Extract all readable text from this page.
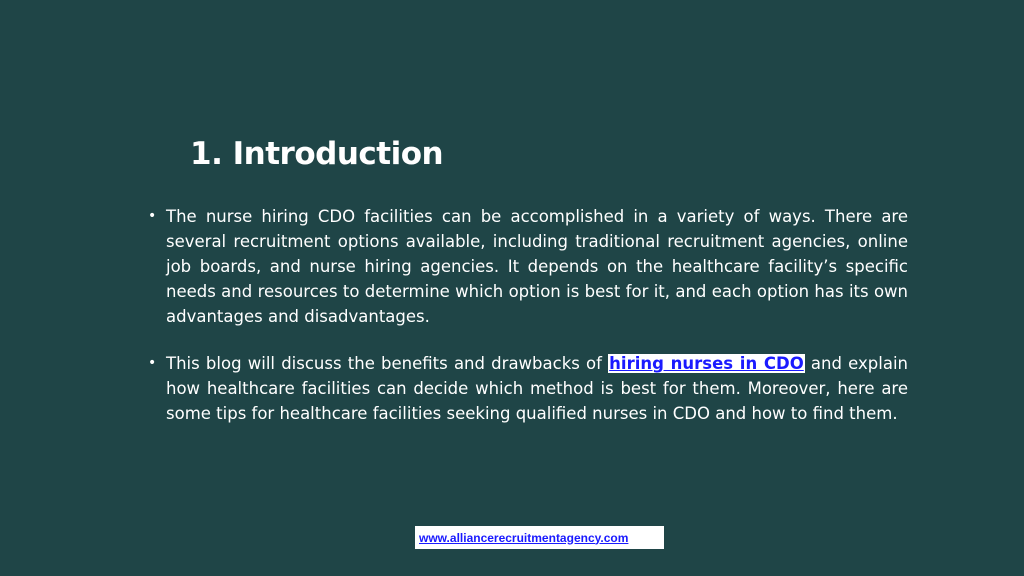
1. Introduction
• The nurse hiring CDO facilities can be accomplished in a variety of ways. There are several recruitment options available, including traditional recruitment agencies, online job boards, and nurse hiring agencies. It depends on the healthcare facility’s specific needs and resources to determine which option is best for it, and each option has its own advantages and disadvantages.
• This blog will discuss the benefits and drawbacks of hiring nurses in CDO and explain how healthcare facilities can decide which method is best for them. Moreover, here are some tips for healthcare facilities seeking qualified nurses in CDO and how to find them.
www.alliancerecruitmentagency.com
